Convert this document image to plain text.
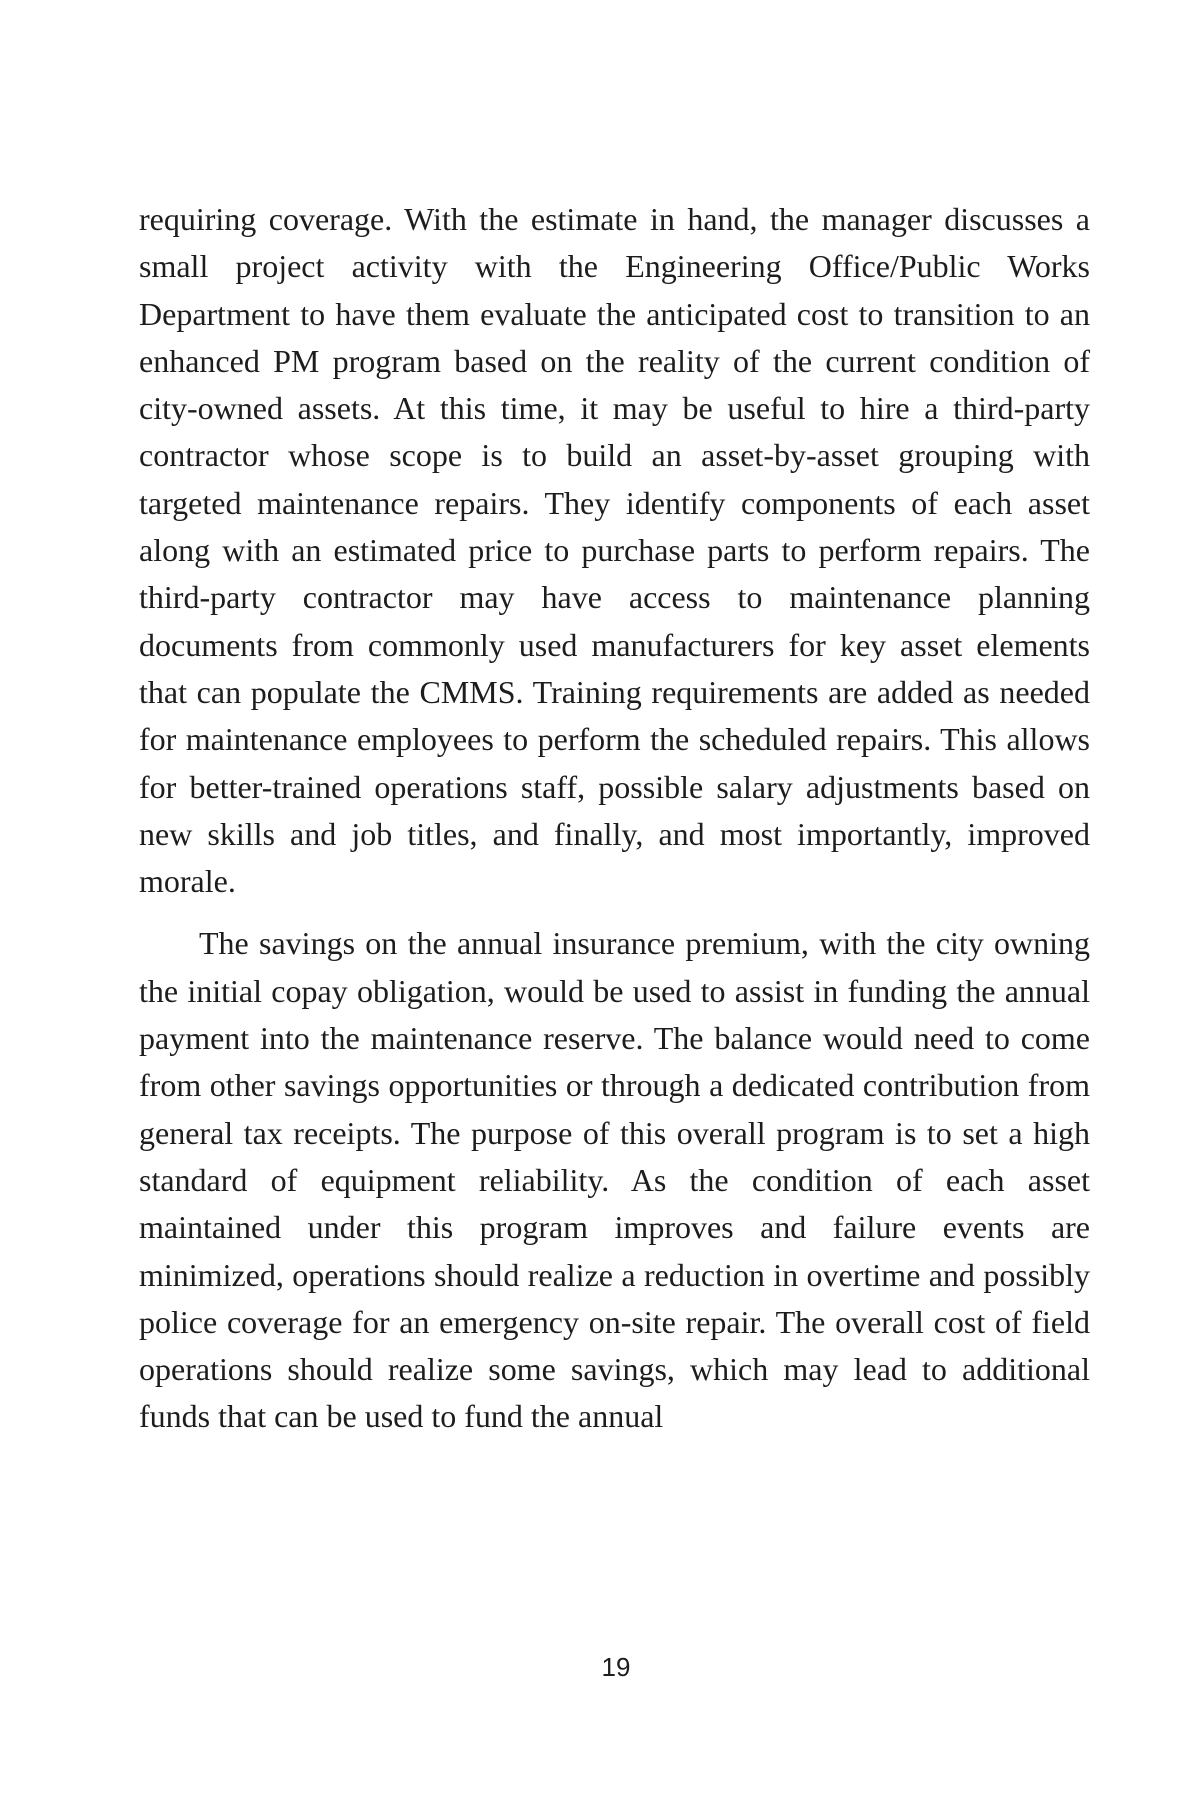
requiring coverage. With the estimate in hand, the manager discusses a small project activity with the Engineering Office/Public Works Department to have them evaluate the anticipated cost to transition to an enhanced PM program based on the reality of the current condition of city-owned assets. At this time, it may be useful to hire a third-party contractor whose scope is to build an asset-by-asset grouping with targeted maintenance repairs. They identify components of each asset along with an estimated price to purchase parts to perform repairs. The third-party contractor may have access to maintenance planning documents from commonly used manufacturers for key asset elements that can populate the CMMS. Training requirements are added as needed for maintenance employees to perform the scheduled repairs. This allows for better-trained operations staff, possible salary adjustments based on new skills and job titles, and finally, and most importantly, improved morale.

The savings on the annual insurance premium, with the city owning the initial copay obligation, would be used to assist in funding the annual payment into the maintenance reserve. The balance would need to come from other savings opportunities or through a dedicated contribution from general tax receipts. The purpose of this overall program is to set a high standard of equipment reliability. As the condition of each asset maintained under this program improves and failure events are minimized, operations should realize a reduction in overtime and possibly police coverage for an emergency on-site repair. The overall cost of field operations should realize some savings, which may lead to additional funds that can be used to fund the annual

19
